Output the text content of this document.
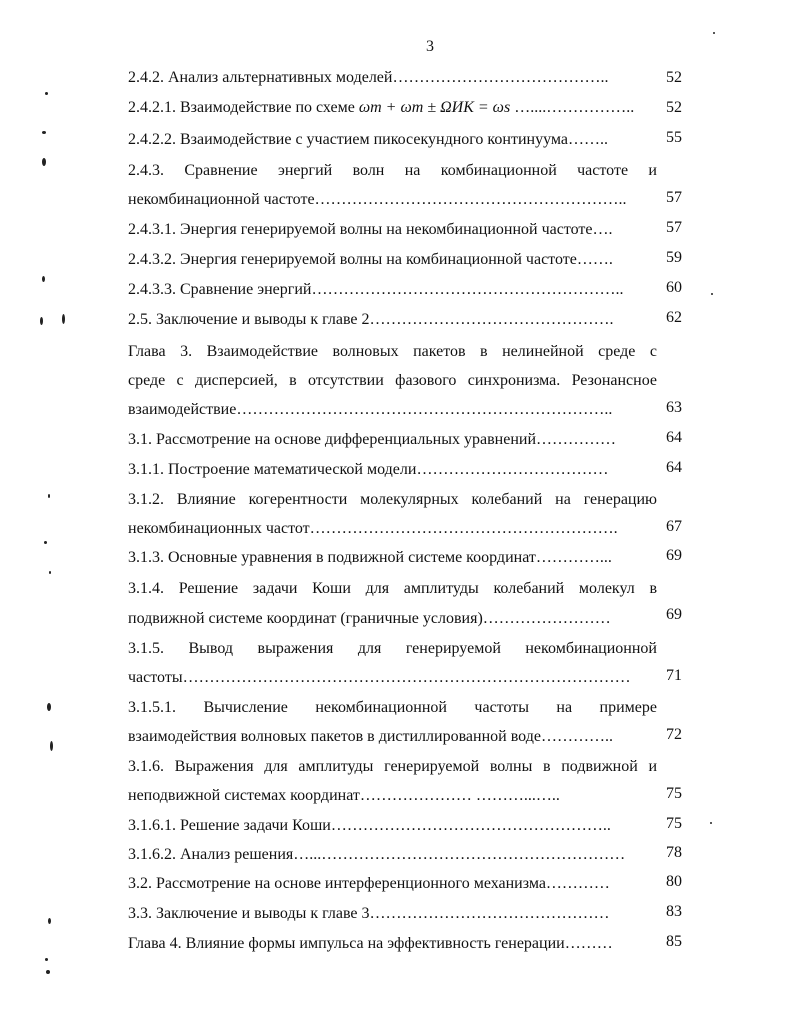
3
2.4.2. Анализ альтернативных моделей…………………………………..	52
2.4.2.1. Взаимодействие по схеме ωm + ωm ± ΩИК = ωs …....……………..	52
2.4.2.2. Взаимодействие с участием пикосекундного континуума……..	55
2.4.3. Сравнение энергий волн на комбинационной частоте и
некомбинационной частоте…………………………………………………..	57
2.4.3.1. Энергия генерируемой волны на некомбинационной частоте….	57
2.4.3.2. Энергия генерируемой волны на комбинационной частоте…….	59
2.4.3.3. Сравнение энергий…………………………………………………..	60
2.5. Заключение и выводы к главе 2……………………………………….	62
Глава 3. Взаимодействие волновых пакетов в нелинейной среде с
среде с дисперсией, в отсутствии фазового синхронизма. Резонансное
взаимодействие……………………………………………………………..	63
3.1. Рассмотрение на основе дифференциальных уравнений……………	64
3.1.1. Построение математической модели………………………………	64
3.1.2. Влияние когерентности молекулярных колебаний на генерацию
некомбинационных частот………………………………………………….	67
3.1.3. Основные уравнения в подвижной системе координат…………...	69
3.1.4. Решение задачи Коши для амплитуды колебаний молекул в
подвижной системе координат (граничные условия)……………………	69
3.1.5. Вывод выражения для генерируемой некомбинационной
частоты…………………………………………………………………………	71
3.1.5.1. Вычисление некомбинационной частоты на примере
взаимодействия волновых пакетов в дистиллированной воде…………..	72
3.1.6. Выражения для амплитуды генерируемой волны в подвижной и
неподвижной системах координат………………… ………...…..	75
3.1.6.1. Решение задачи Коши……………………………………………..	75
3.1.6.2. Анализ решения…...…………………………………………………	78
3.2. Рассмотрение на основе интерференционного механизма…………	80
3.3. Заключение и выводы к главе 3………………………………………	83
Глава 4. Влияние формы импульса на эффективность генерации………	85
